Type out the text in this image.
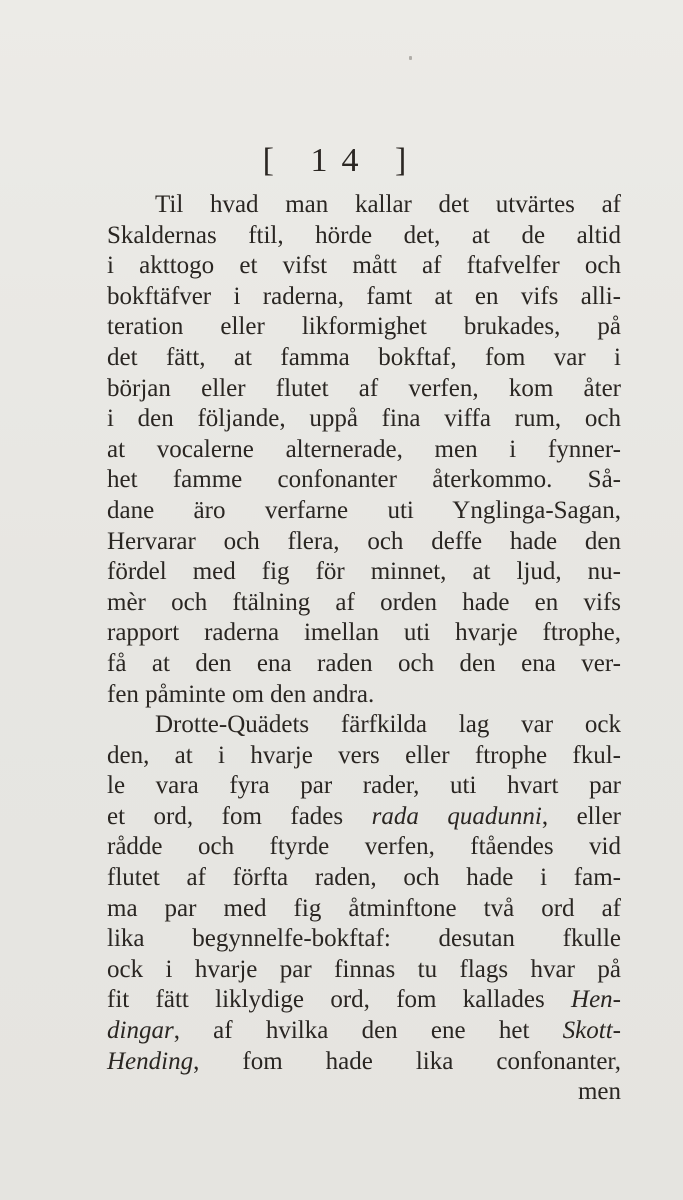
[ 14 ]
Til hvad man kallar det utvärtes af
Skaldernas ftil, hörde det, at de altid
i akttogo et vifst mått af ftafvelfer och
bokftäfver i raderna, famt at en vifs alli-
teration eller likformighet brukades, på
det fätt, at famma bokftaf, fom var i
början eller flutet af verfen, kom åter
i den följande, uppå fina viffa rum, och
at vocalerne alternerade, men i fynner-
het famme confonanter återkommo. Så-
dane äro verfarne uti Ynglinga-Sagan,
Hervarar och flera, och deffe hade den
fördel med fig för minnet, at ljud, nu-
mèr och ftälning af orden hade en vifs
rapport raderna imellan uti hvarje ftrophe,
få at den ena raden och den ena ver-
fen påminte om den andra.
Drotte-Quädets färfkilda lag var ock
den, at i hvarje vers eller ftrophe fkul-
le vara fyra par rader, uti hvart par
et ord, fom fades rada quadunni, eller
rådde och ftyrde verfen, ftåendes vid
flutet af förfta raden, och hade i fam-
ma par med fig åtminftone två ord af
lika begynnelfe-bokftaf: desutan fkulle
ock i hvarje par finnas tu flags hvar på
fit fätt liklydige ord, fom kallades Hen-
dingar, af hvilka den ene het Skott-
Hending, fom hade lika confonanter,
men
